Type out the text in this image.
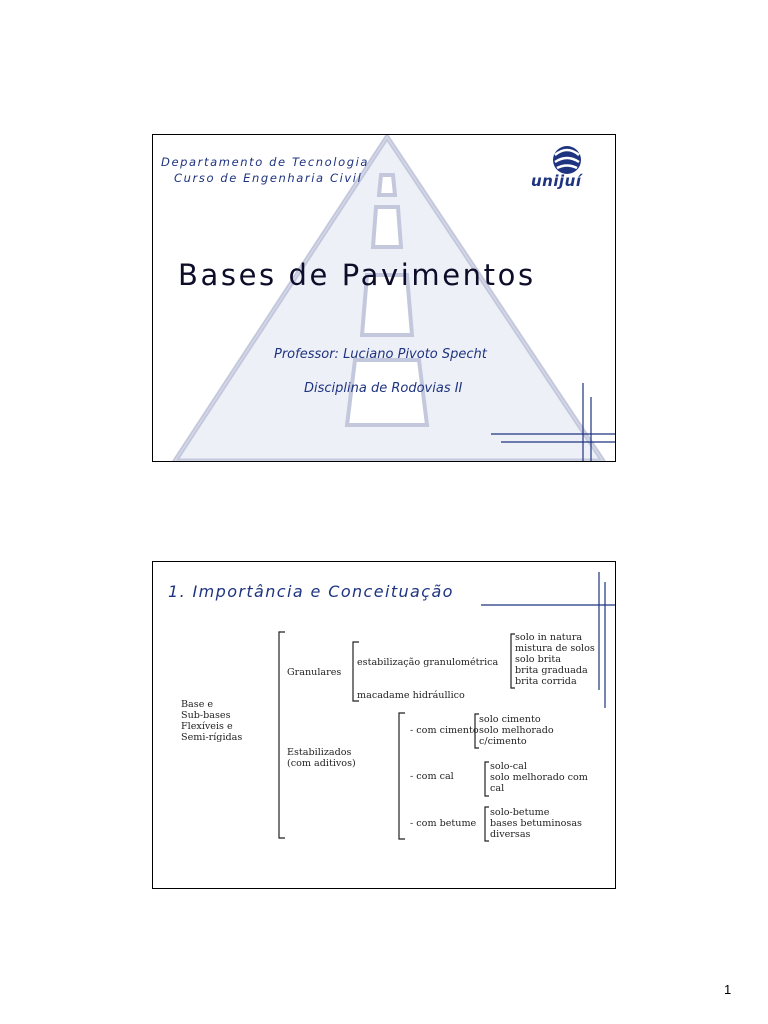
Departamento de Tecnologia
Curso de Engenharia Civil	unijuí
Bases de Pavimentos
Professor: Luciano Pivoto Specht
Disciplina de Rodovias II
1. Importância e Conceituação
Base e
Sub-bases
Flexíveis e
Semi-rígidas
Granulares
estabilização granulométrica
macadame hidráullico
solo in natura
mistura de solos
solo brita
brita graduada
brita corrida
Estabilizados
(com aditivos)
- com cimento
solo cimento
solo melhorado
c/cimento
- com cal
solo-cal
solo melhorado com
cal
- com betume
solo-betume
bases betuminosas
diversas
1
